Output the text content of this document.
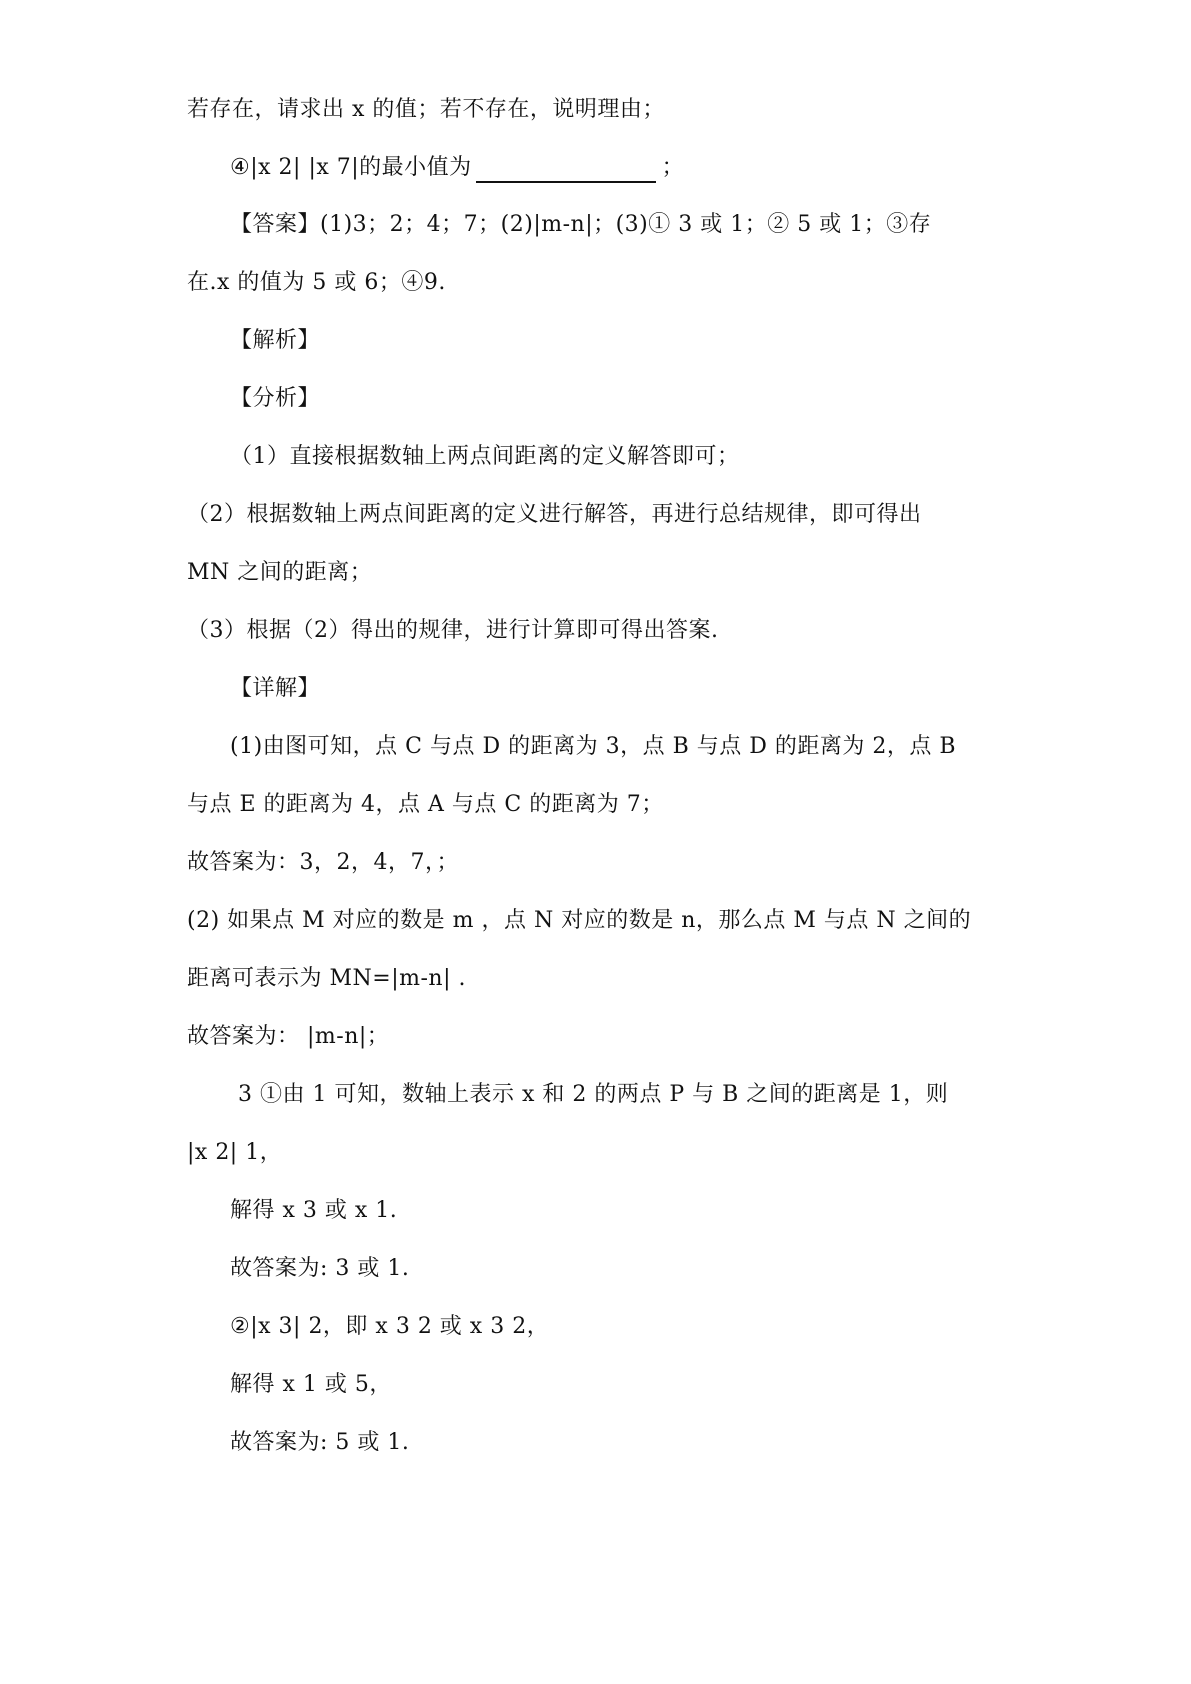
若存在，请求出 x 的值；若不存在，说明理由；
④|x 2| |x 7|的最小值为	；
【答案】(1)3；2；4；7；(2)|m-n|；(3)① 3 或 1；② 5 或 1；③存
在.x 的值为 5 或 6；④9.
【解析】
【分析】
（1）直接根据数轴上两点间距离的定义解答即可；
（2）根据数轴上两点间距离的定义进行解答，再进行总结规律，即可得出
MN 之间的距离；
（3）根据（2）得出的规律，进行计算即可得出答案.
【详解】
(1)由图可知，点 C 与点 D 的距离为 3，点 B 与点 D 的距离为 2，点 B
与点 E 的距离为 4，点 A 与点 C 的距离为 7；
故答案为：3，2，4，7，；
(2) 如果点 M 对应的数是 m ，点 N 对应的数是 n，那么点 M 与点 N 之间的
距离可表示为 MN=|m-n| .
故答案为： |m-n|；
3 ①由 1 可知，数轴上表示 x 和 2 的两点 P 与 B 之间的距离是 1，则
|x 2| 1，
解得 x 3 或 x 1.
故答案为: 3 或 1.
②|x 3| 2，即 x 3 2 或 x 3 2，
解得 x 1 或 5，
故答案为: 5 或 1.
